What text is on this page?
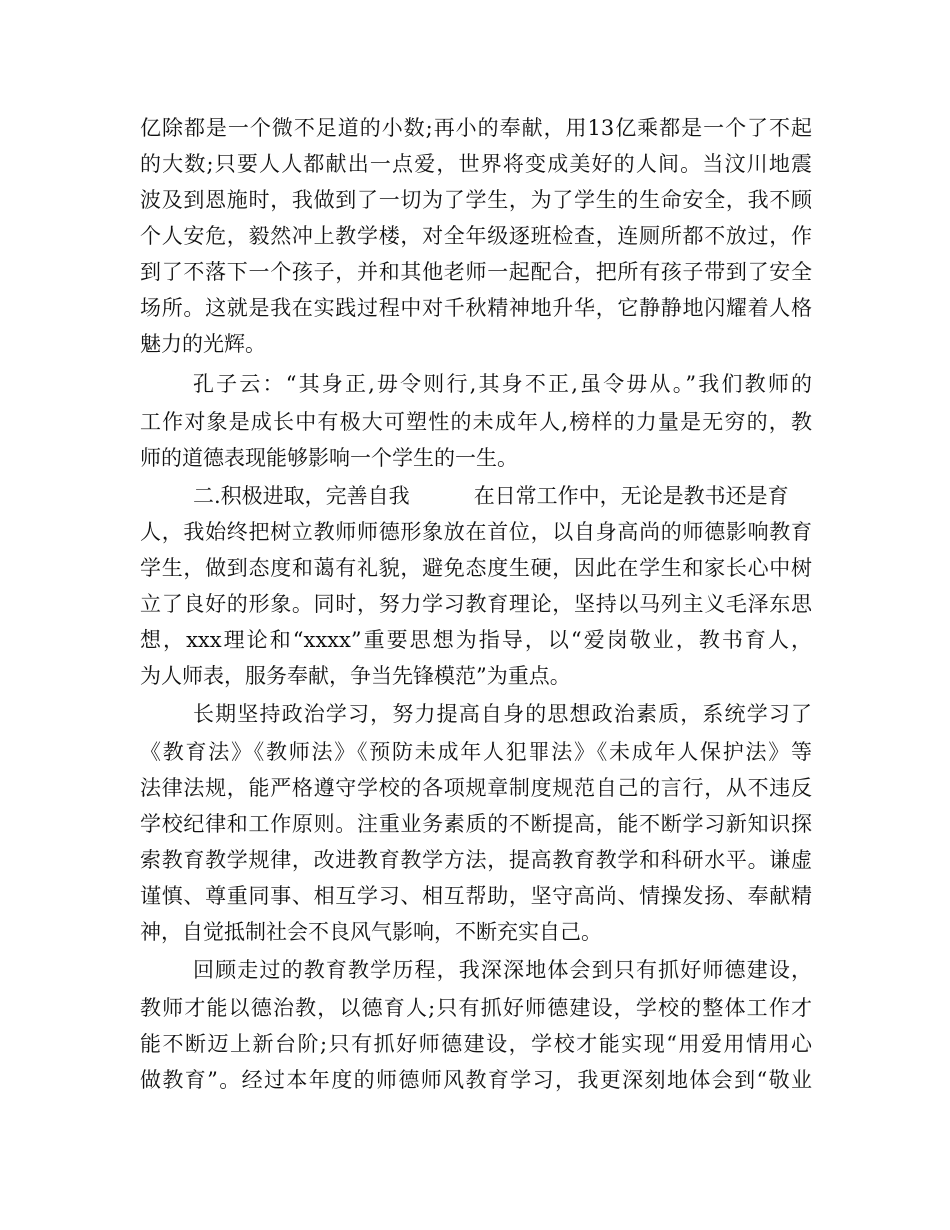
亿除都是一个微不足道的小数;再小的奉献，用13亿乘都是一个了不起
的大数;只要人人都献出一点爱，世界将变成美好的人间。当汶川地震
波及到恩施时，我做到了一切为了学生，为了学生的生命安全，我不顾
个人安危，毅然冲上教学楼，对全年级逐班检查，连厕所都不放过，作
到了不落下一个孩子，并和其他老师一起配合，把所有孩子带到了安全
场所。这就是我在实践过程中对千秋精神地升华，它静静地闪耀着人格
魅力的光辉。
孔子云：“其身正,毋令则行,其身不正,虽令毋从。”我们教师的
工作对象是成长中有极大可塑性的未成年人,榜样的力量是无穷的，教
师的道德表现能够影响一个学生的一生。
二.积极进取，完善自我	在日常工作中，无论是教书还是育
人，我始终把树立教师师德形象放在首位，以自身高尚的师德影响教育
学生，做到态度和蔼有礼貌，避免态度生硬，因此在学生和家长心中树
立了良好的形象。同时，努力学习教育理论，坚持以马列主义毛泽东思
想，xxx理论和“xxxx”重要思想为指导，以“爱岗敬业，教书育人，
为人师表，服务奉献，争当先锋模范”为重点。
长期坚持政治学习，努力提高自身的思想政治素质，系统学习了
《教育法》《教师法》《预防未成年人犯罪法》《未成年人保护法》等
法律法规，能严格遵守学校的各项规章制度规范自己的言行，从不违反
学校纪律和工作原则。注重业务素质的不断提高，能不断学习新知识探
索教育教学规律，改进教育教学方法，提高教育教学和科研水平。谦虚
谨慎、尊重同事、相互学习、相互帮助，坚守高尚、情操发扬、奉献精
神，自觉抵制社会不良风气影响，不断充实自己。
回顾走过的教育教学历程，我深深地体会到只有抓好师德建设，
教师才能以德治教，以德育人;只有抓好师德建设，学校的整体工作才
能不断迈上新台阶;只有抓好师德建设，学校才能实现“用爱用情用心
做教育”。经过本年度的师德师风教育学习，我更深刻地体会到“敬业
